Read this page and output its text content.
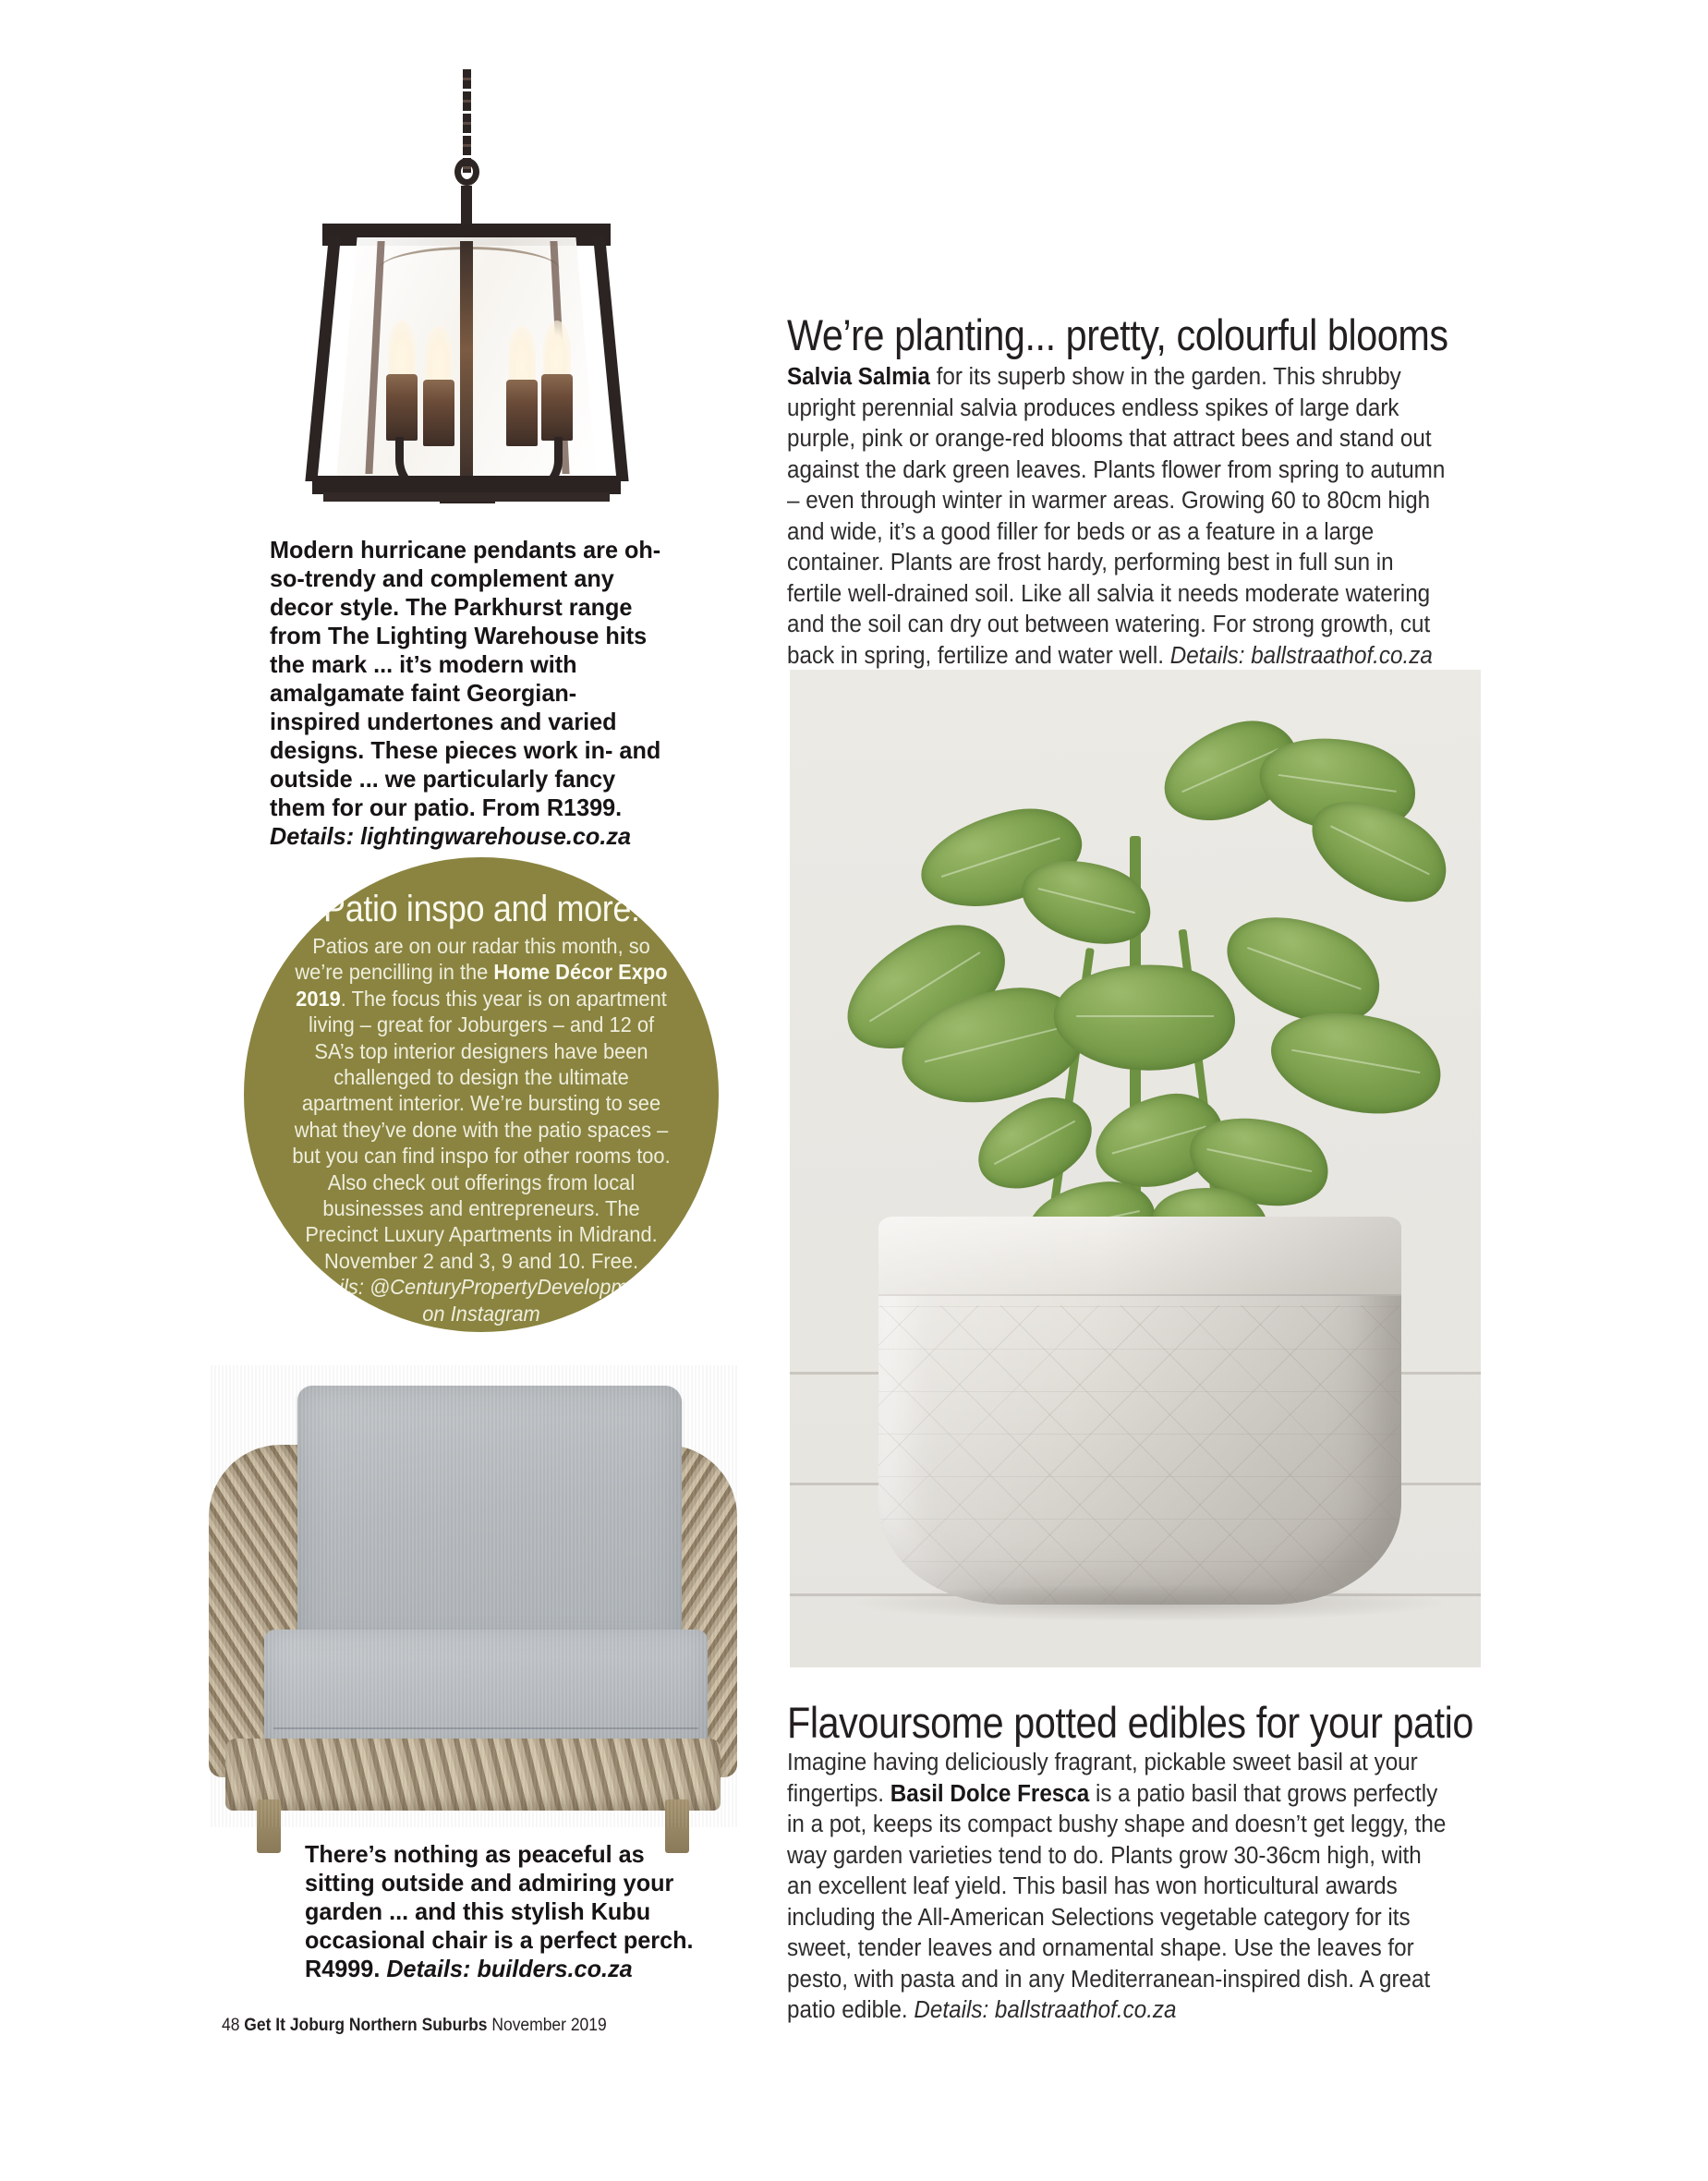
Modern hurricane pendants are oh-so-trendy and complement any decor style. The Parkhurst range from The Lighting Warehouse hits the mark ... it’s modern with amalgamate faint Georgian-inspired undertones and varied designs. These pieces work in- and outside ... we particularly fancy them for our patio. From R1399. Details: lightingwarehouse.co.za
Patio inspo and more!
Patios are on our radar this month, so we’re pencilling in the Home Décor Expo 2019. The focus this year is on apartment living – great for Joburgers – and 12 of SA’s top interior designers have been challenged to design the ultimate apartment interior. We’re bursting to see what they’ve done with the patio spaces – but you can find inspo for other rooms too. Also check out offerings from local businesses and entrepreneurs. The Precinct Luxury Apartments in Midrand. November 2 and 3, 9 and 10. Free. Details: @CenturyPropertyDevelopments on Instagram
There’s nothing as peaceful as sitting outside and admiring your garden ... and this stylish Kubu occasional chair is a perfect perch. R4999. Details: builders.co.za
48 Get It Joburg Northern Suburbs November 2019
We’re planting... pretty, colourful blooms
Salvia Salmia for its superb show in the garden. This shrubby upright perennial salvia produces endless spikes of large dark purple, pink or orange-red blooms that attract bees and stand out against the dark green leaves. Plants flower from spring to autumn – even through winter in warmer areas. Growing 60 to 80cm high and wide, it’s a good filler for beds or as a feature in a large container. Plants are frost hardy, performing best in full sun in fertile well-drained soil. Like all salvia it needs moderate watering and the soil can dry out between watering. For strong growth, cut back in spring, fertilize and water well. Details: ballstraathof.co.za
Flavoursome potted edibles for your patio
Imagine having deliciously fragrant, pickable sweet basil at your fingertips. Basil Dolce Fresca is a patio basil that grows perfectly in a pot, keeps its compact bushy shape and doesn’t get leggy, the way garden varieties tend to do. Plants grow 30-36cm high, with an excellent leaf yield. This basil has won horticultural awards including the All-American Selections vegetable category for its sweet, tender leaves and ornamental shape. Use the leaves for pesto, with pasta and in any Mediterranean-inspired dish. A great patio edible. Details: ballstraathof.co.za
